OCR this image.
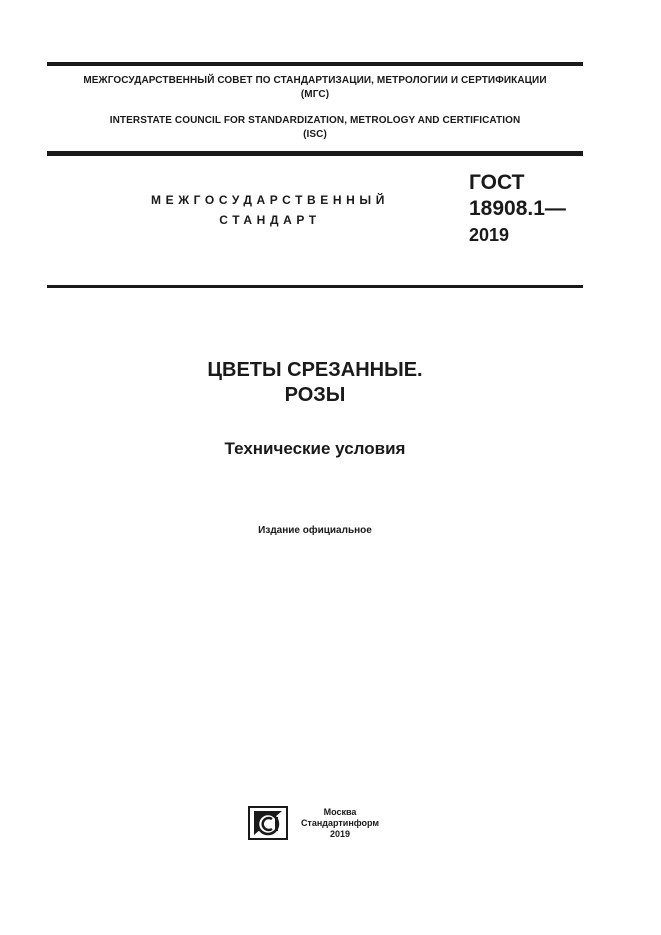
МЕЖГОСУДАРСТВЕННЫЙ СОВЕТ ПО СТАНДАРТИЗАЦИИ, МЕТРОЛОГИИ И СЕРТИФИКАЦИИ
(МГС)
INTERSTATE COUNCIL FOR STANDARDIZATION, METROLOGY AND CERTIFICATION
(ISC)
МЕЖГОСУДАРСТВЕННЫЙ
СТАНДАРТ
ГОСТ
18908.1—
2019
ЦВЕТЫ СРЕЗАННЫЕ.
РОЗЫ
Технические условия
Издание официальное
Москва
Стандартинформ
2019
